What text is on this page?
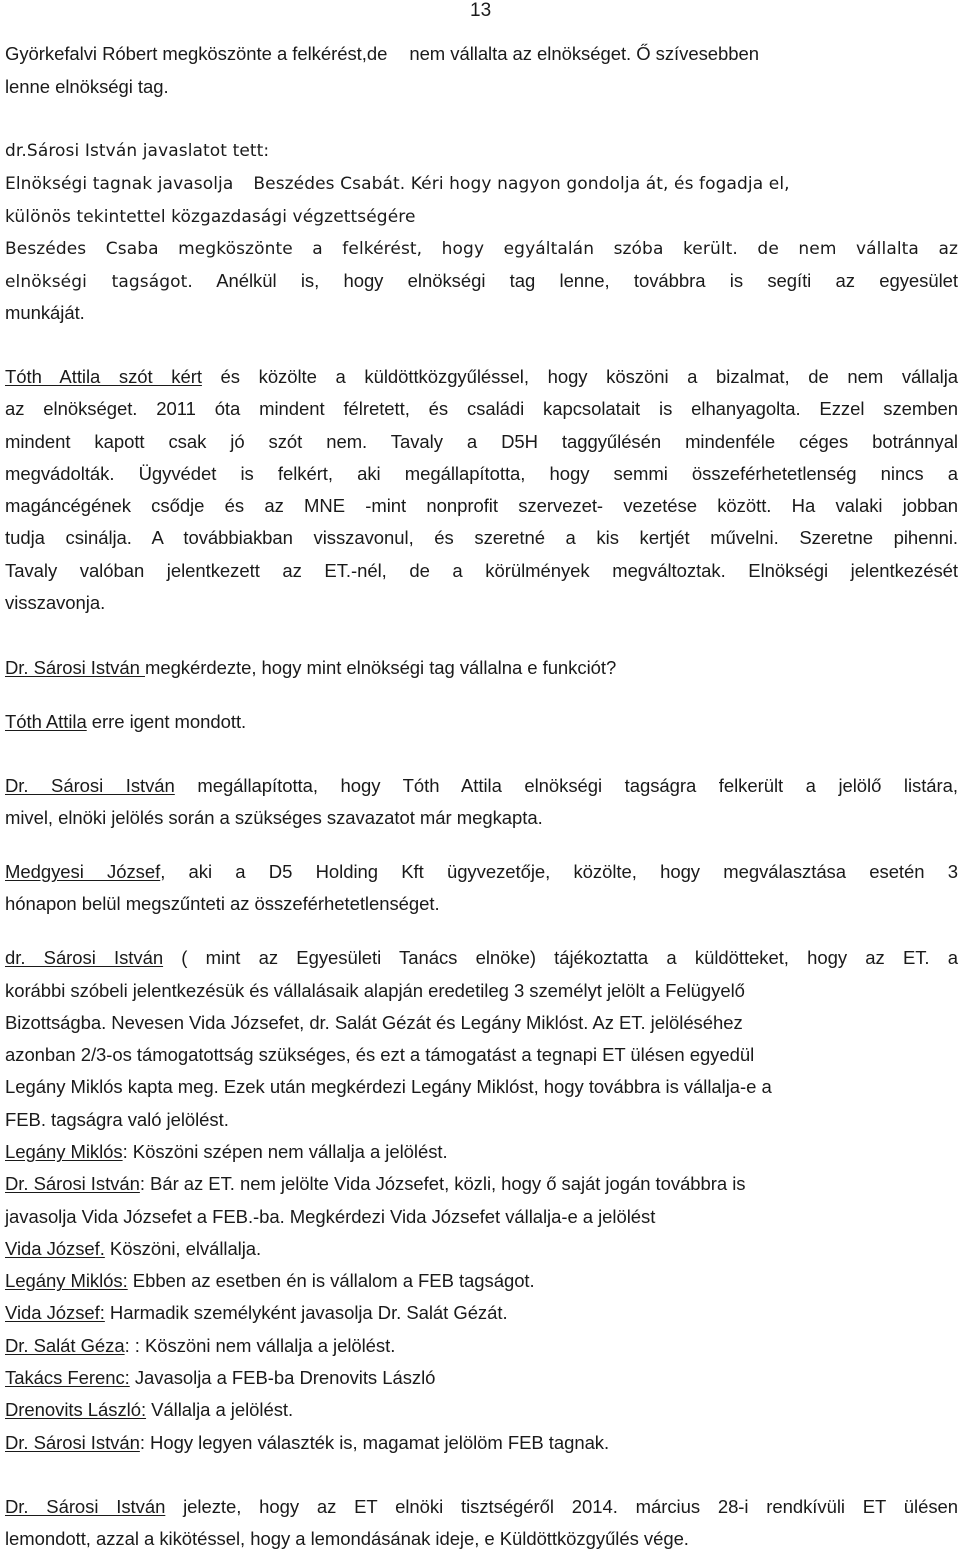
13
Györkefalvi Róbert megköszönte a felkérést,de nem vállalta az elnökséget. Ő szívesebben
lenne elnökségi tag.
dr.Sárosi István javaslatot tett:
Elnökségi tagnak javasolja Beszédes Csabát. Kéri hogy nagyon gondolja át, és fogadja el,
különös tekintettel közgazdasági végzettségére
Beszédes Csaba megköszönte a felkérést, hogy egyáltalán szóba került. de nem vállalta az
elnökségi tagságot. Anélkül is, hogy elnökségi tag lenne, továbbra is segíti az egyesület
munkáját.
Tóth Attila szót kért és közölte a küldöttközgyűléssel, hogy köszöni a bizalmat, de nem vállalja
az elnökséget. 2011 óta mindent félretett, és családi kapcsolatait is elhanyagolta. Ezzel szemben
mindent kapott csak jó szót nem. Tavaly a D5H taggyűlésén mindenféle céges botránnyal
megvádolták. Ügyvédet is felkért, aki megállapította, hogy semmi összeférhetetlenség nincs a
magáncégének csődje és az MNE -mint nonprofit szervezet- vezetése között. Ha valaki jobban
tudja csinálja. A továbbiakban visszavonul, és szeretné a kis kertjét művelni. Szeretne pihenni.
Tavaly valóban jelentkezett az ET.-nél, de a körülmények megváltoztak. Elnökségi jelentkezését
visszavonja.
Dr. Sárosi István megkérdezte, hogy mint elnökségi tag vállalna e funkciót?
Tóth Attila erre igent mondott.
Dr. Sárosi István megállapította, hogy Tóth Attila elnökségi tagságra felkerült a jelölő listára,
mivel, elnöki jelölés során a szükséges szavazatot már megkapta.
Medgyesi József, aki a D5 Holding Kft ügyvezetője, közölte, hogy megválasztása esetén 3
hónapon belül megszűnteti az összeférhetetlenséget.
dr. Sárosi István ( mint az Egyesületi Tanács elnöke) tájékoztatta a küldötteket, hogy az ET. a
korábbi szóbeli jelentkezésük és vállalásaik alapján eredetileg 3 személyt jelölt a Felügyelő
Bizottságba. Nevesen Vida Józsefet, dr. Salát Gézát és Legány Miklóst. Az ET. jelöléséhez
azonban 2/3-os támogatottság szükséges, és ezt a támogatást a tegnapi ET ülésen egyedül
Legány Miklós kapta meg. Ezek után megkérdezi Legány Miklóst, hogy továbbra is vállalja-e a
FEB. tagságra való jelölést.
Legány Miklós: Köszöni szépen nem vállalja a jelölést.
Dr. Sárosi István: Bár az ET. nem jelölte Vida Józsefet, közli, hogy ő saját jogán továbbra is
javasolja Vida Józsefet a FEB.-ba. Megkérdezi Vida Józsefet vállalja-e a jelölést
Vida József. Köszöni, elvállalja.
Legány Miklós: Ebben az esetben én is vállalom a FEB tagságot.
Vida József: Harmadik személyként javasolja Dr. Salát Gézát.
Dr. Salát Géza: : Köszöni nem vállalja a jelölést.
Takács Ferenc: Javasolja a FEB-ba Drenovits László
Drenovits László: Vállalja a jelölést.
Dr. Sárosi István: Hogy legyen választék is, magamat jelölöm FEB tagnak.
Dr. Sárosi István jelezte, hogy az ET elnöki tisztségéről 2014. március 28-i rendkívüli ET ülésen
lemondott, azzal a kikötéssel, hogy a lemondásának ideje, e Küldöttközgyűlés vége.
